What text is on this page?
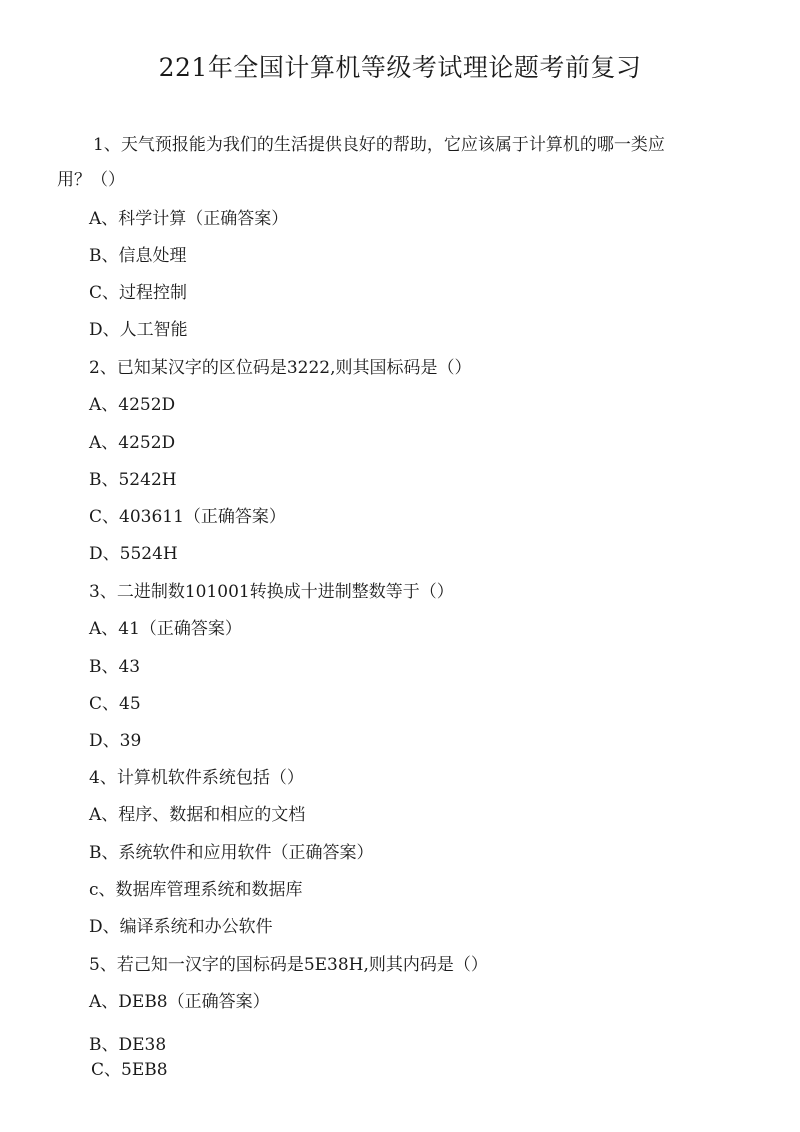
221年全国计算机等级考试理论题考前复习
1、天气预报能为我们的生活提供良好的帮助，它应该属于计算机的哪一类应
用？（）
A、科学计算（正确答案）
B、信息处理
C、过程控制
D、人工智能
2、已知某汉字的区位码是3222,则其国标码是（）
A、4252D
A、4252D
B、5242H
C、403611（正确答案）
D、5524H
3、二进制数101001转换成十进制整数等于（）
A、41（正确答案）
B、43
C、45
D、39
4、计算机软件系统包括（）
A、程序、数据和相应的文档
B、系统软件和应用软件（正确答案）
c、数据库管理系统和数据库
D、编译系统和办公软件
5、若己知一汉字的国标码是5E38H,则其内码是（）
A、DEB8（正确答案）
B、DE38
C、5EB8
